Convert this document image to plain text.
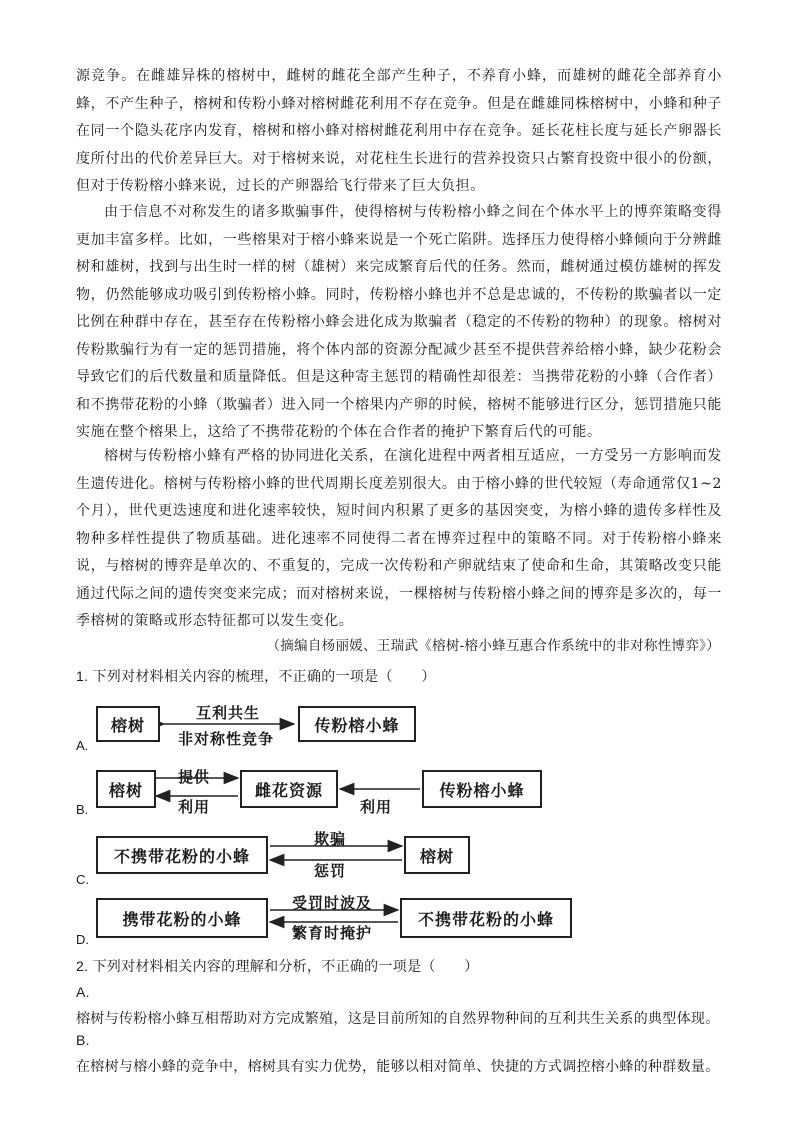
源竞争。在雌雄异株的榕树中，雌树的雌花全部产生种子，不养育小蜂，而雄树的雌花全部养育小蜂，不产生种子，榕树和传粉小蜂对榕树雌花利用不存在竞争。但是在雌雄同株榕树中，小蜂和种子在同一个隐头花序内发育，榕树和榕小蜂对榕树雌花利用中存在竞争。延长花柱长度与延长产卵器长度所付出的代价差异巨大。对于榕树来说，对花柱生长进行的营养投资只占繁育投资中很小的份额，但对于传粉榕小蜂来说，过长的产卵器给飞行带来了巨大负担。
由于信息不对称发生的诸多欺骗事件，使得榕树与传粉榕小蜂之间在个体水平上的博弈策略变得更加丰富多样。比如，一些榕果对于榕小蜂来说是一个死亡陷阱。选择压力使得榕小蜂倾向于分辨雌树和雄树，找到与出生时一样的树（雄树）来完成繁育后代的任务。然而，雌树通过模仿雄树的挥发物，仍然能够成功吸引到传粉榕小蜂。同时，传粉榕小蜂也并不总是忠诚的，不传粉的欺骗者以一定比例在种群中存在，甚至存在传粉榕小蜂会进化成为欺骗者（稳定的不传粉的物种）的现象。榕树对传粉欺骗行为有一定的惩罚措施，将个体内部的资源分配减少甚至不提供营养给榕小蜂，缺少花粉会导致它们的后代数量和质量降低。但是这种寄主惩罚的精确性却很差：当携带花粉的小蜂（合作者）和不携带花粉的小蜂（欺骗者）进入同一个榕果内产卵的时候，榕树不能够进行区分，惩罚措施只能实施在整个榕果上，这给了不携带花粉的个体在合作者的掩护下繁育后代的可能。
榕树与传粉榕小蜂有严格的协同进化关系，在演化进程中两者相互适应，一方受另一方影响而发生遗传进化。榕树与传粉榕小蜂的世代周期长度差别很大。由于榕小蜂的世代较短（寿命通常仅1~2个月），世代更迭速度和进化速率较快，短时间内积累了更多的基因突变，为榕小蜂的遗传多样性及物种多样性提供了物质基础。进化速率不同使得二者在博弈过程中的策略不同。对于传粉榕小蜂来说，与榕树的博弈是单次的、不重复的，完成一次传粉和产卵就结束了使命和生命，其策略改变只能通过代际之间的遗传突变来完成；而对榕树来说，一棵榕树与传粉榕小蜂之间的博弈是多次的，每一季榕树的策略或形态特征都可以发生变化。
（摘编自杨丽媛、王瑞武《榕树-榕小蜂互惠合作系统中的非对称性博弈》）
1. 下列对材料相关内容的梳理，不正确的一项是（　　）
A.
榕树
互利共生
非对称性竞争
传粉榕小蜂
B.
榕树
提供
利用
雌花资源
利用
传粉榕小蜂
C.
不携带花粉的小蜂
欺骗
惩罚
榕树
D.
携带花粉的小蜂
受罚时波及
繁育时掩护
不携带花粉的小蜂
2. 下列对材料相关内容的理解和分析，不正确的一项是（　　）
A.
榕树与传粉榕小蜂互相帮助对方完成繁殖，这是目前所知的自然界物种间的互利共生关系的典型体现。
B.
在榕树与榕小蜂的竞争中，榕树具有实力优势，能够以相对简单、快捷的方式调控榕小蜂的种群数量。
